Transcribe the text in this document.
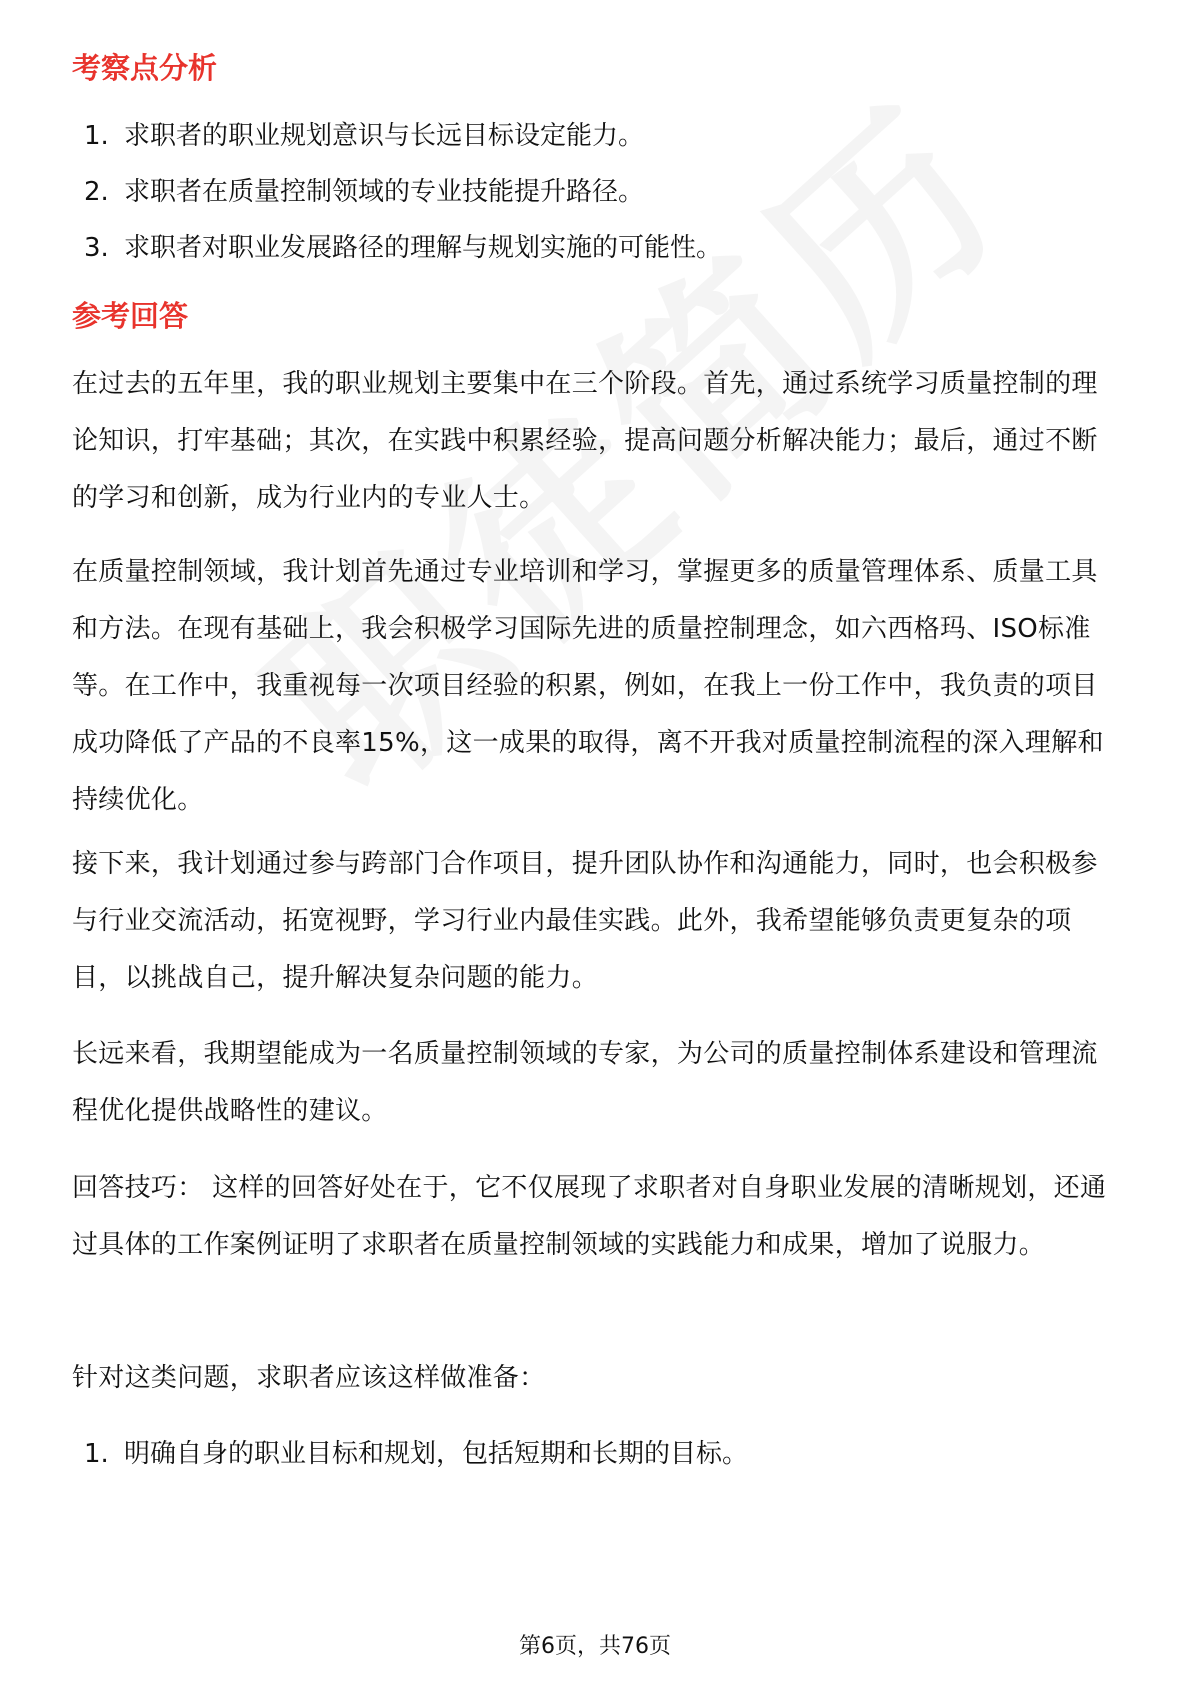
考察点分析
1. 求职者的职业规划意识与长远目标设定能力。
2. 求职者在质量控制领域的专业技能提升路径。
3. 求职者对职业发展路径的理解与规划实施的可能性。
参考回答

在过去的五年里，我的职业规划主要集中在三个阶段。首先，通过系统学习质量控制的理论知识，打牢基础；其次，在实践中积累经验，提高问题分析解决能力；最后，通过不断的学习和创新，成为行业内的专业人士。

在质量控制领域，我计划首先通过专业培训和学习，掌握更多的质量管理体系、质量工具和方法。在现有基础上，我会积极学习国际先进的质量控制理念，如六西格玛、ISO标准等。在工作中，我重视每一次项目经验的积累，例如，在我上一份工作中，我负责的项目成功降低了产品的不良率15%，这一成果的取得，离不开我对质量控制流程的深入理解和持续优化。

接下来，我计划通过参与跨部门合作项目，提升团队协作和沟通能力，同时，也会积极参与行业交流活动，拓宽视野，学习行业内最佳实践。此外，我希望能够负责更复杂的项目，以挑战自己，提升解决复杂问题的能力。

长远来看，我期望能成为一名质量控制领域的专家，为公司的质量控制体系建设和管理流程优化提供战略性的建议。

回答技巧： 这样的回答好处在于，它不仅展现了求职者对自身职业发展的清晰规划，还通过具体的工作案例证明了求职者在质量控制领域的实践能力和成果，增加了说服力。

针对这类问题，求职者应该这样做准备：

1. 明确自身的职业目标和规划，包括短期和长期的目标。
第6页，共76页
